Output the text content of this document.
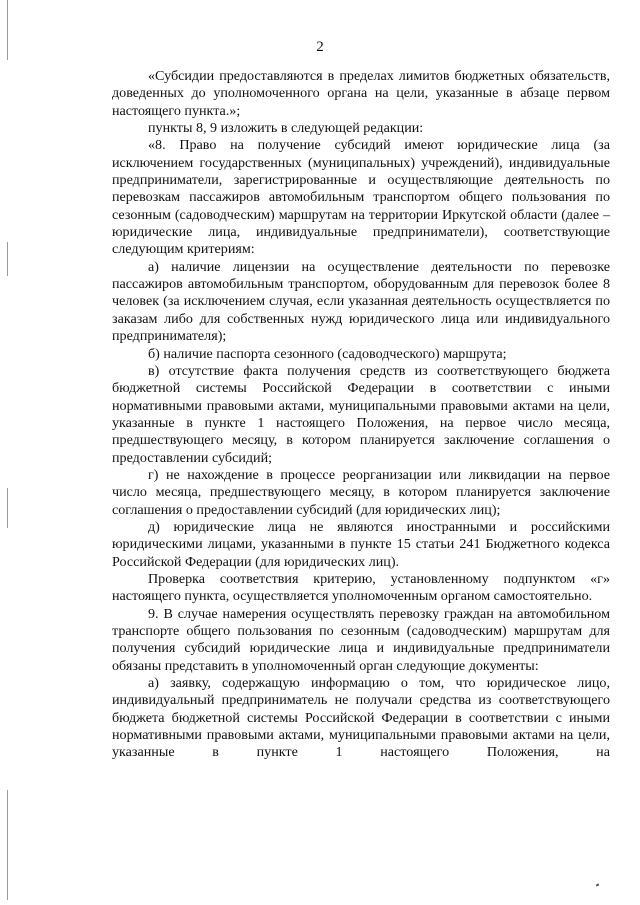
2

«Субсидии предоставляются в пределах лимитов бюджетных обязательств, доведенных до уполномоченного органа на цели, указанные в абзаце первом настоящего пункта.»;

пункты 8, 9 изложить в следующей редакции:

«8. Право на получение субсидий имеют юридические лица (за исключением государственных (муниципальных) учреждений), индивидуальные предприниматели, зарегистрированные и осуществляющие деятельность по перевозкам пассажиров автомобильным транспортом общего пользования по сезонным (садоводческим) маршрутам на территории Иркутской области (далее – юридические лица, индивидуальные предприниматели), соответствующие следующим критериям:

а) наличие лицензии на осуществление деятельности по перевозке пассажиров автомобильным транспортом, оборудованным для перевозок более 8 человек (за исключением случая, если указанная деятельность осуществляется по заказам либо для собственных нужд юридического лица или индивидуального предпринимателя);

б) наличие паспорта сезонного (садоводческого) маршрута;

в) отсутствие факта получения средств из соответствующего бюджета бюджетной системы Российской Федерации в соответствии с иными нормативными правовыми актами, муниципальными правовыми актами на цели, указанные в пункте 1 настоящего Положения, на первое число месяца, предшествующего месяцу, в котором планируется заключение соглашения о предоставлении субсидий;

г) не нахождение в процессе реорганизации или ликвидации на первое число месяца, предшествующего месяцу, в котором планируется заключение соглашения о предоставлении субсидий (для юридических лиц);

д) юридические лица не являются иностранными и российскими юридическими лицами, указанными в пункте 15 статьи 241 Бюджетного кодекса Российской Федерации (для юридических лиц).

Проверка соответствия критерию, установленному подпунктом «г» настоящего пункта, осуществляется уполномоченным органом самостоятельно.

9. В случае намерения осуществлять перевозку граждан на автомобильном транспорте общего пользования по сезонным (садоводческим) маршрутам для получения субсидий юридические лица и индивидуальные предприниматели обязаны представить в уполномоченный орган следующие документы:

а) заявку, содержащую информацию о том, что юридическое лицо, индивидуальный предприниматель не получали средства из соответствующего бюджета бюджетной системы Российской Федерации в соответствии с иными нормативными правовыми актами, муниципальными правовыми актами на цели, указанные в пункте 1 настоящего Положения, на
